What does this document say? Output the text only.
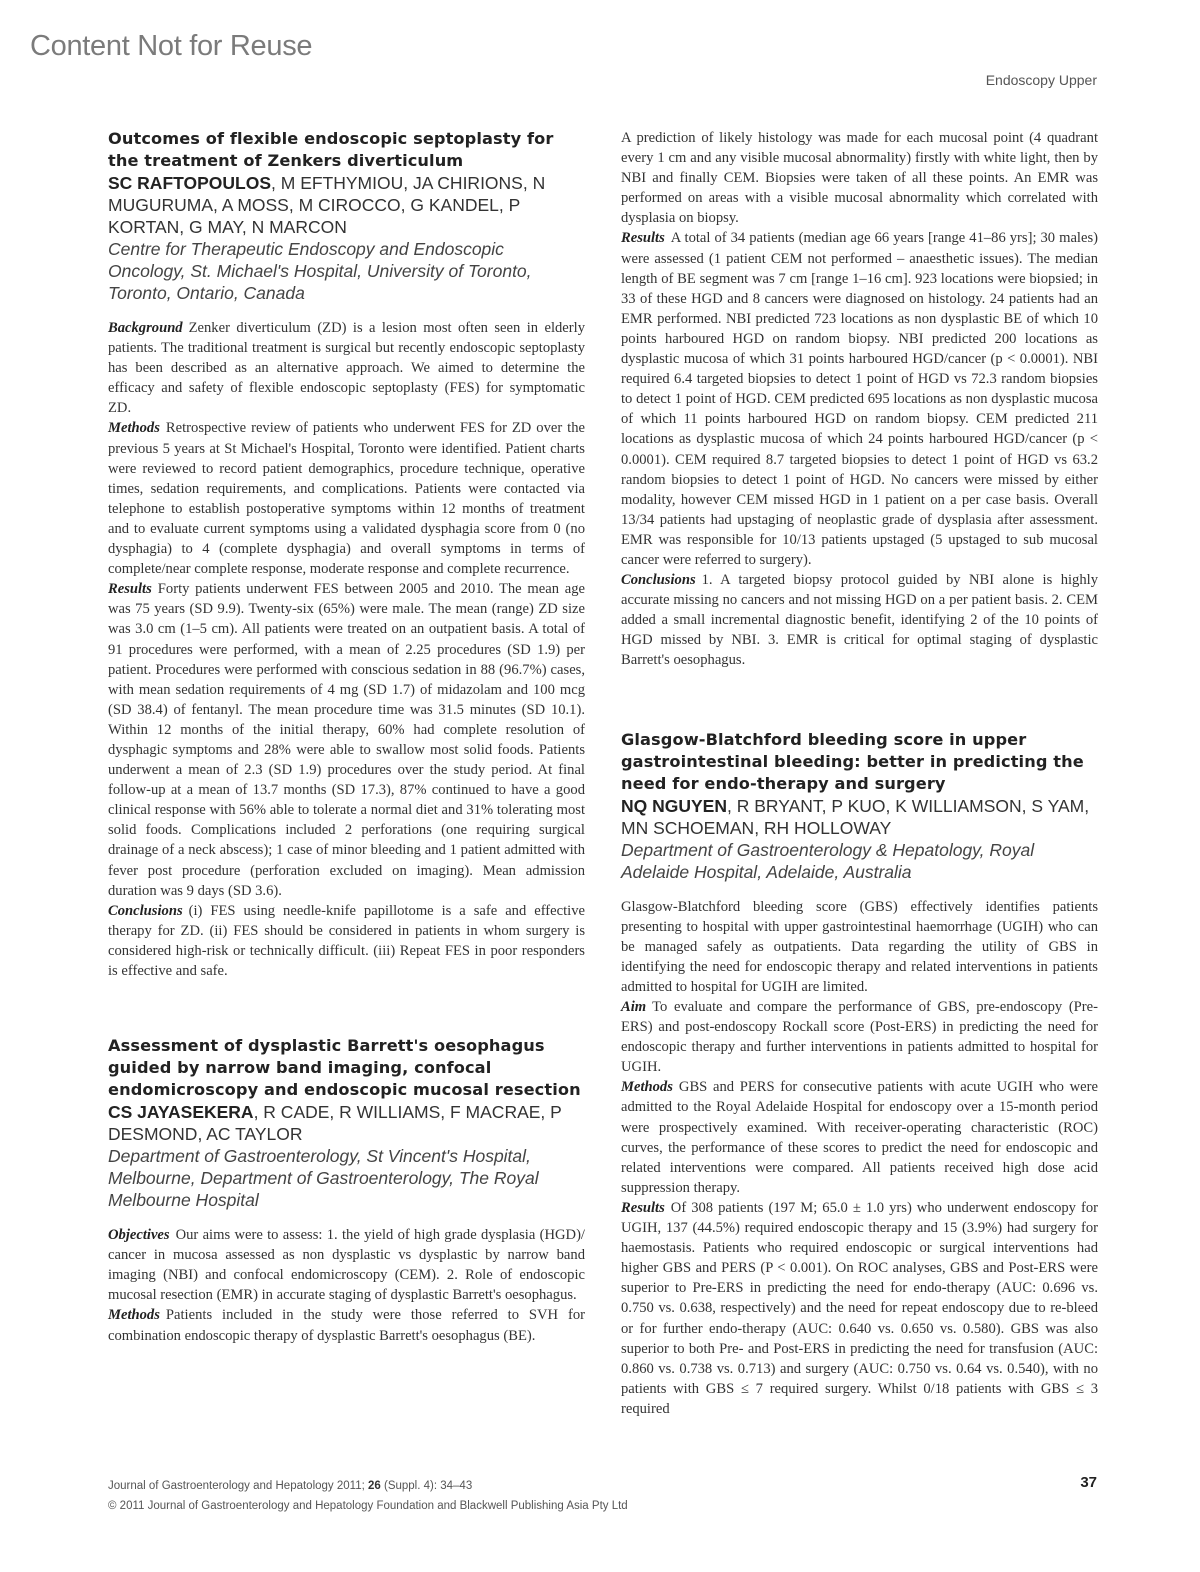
Content Not for Reuse
Endoscopy Upper
Outcomes of flexible endoscopic septoplasty for the treatment of Zenkers diverticulum

SC RAFTOPOULOS, M EFTHYMIOU, JA CHIRIONS, N MUGURUMA, A MOSS, M CIROCCO, G KANDEL, P KORTAN, G MAY, N MARCON

Centre for Therapeutic Endoscopy and Endoscopic Oncology, St. Michael's Hospital, University of Toronto, Toronto, Ontario, Canada

Background Zenker diverticulum (ZD) is a lesion most often seen in elderly patients. The traditional treatment is surgical but recently endoscopic septoplasty has been described as an alternative approach. We aimed to determine the efficacy and safety of flexible endoscopic septoplasty (FES) for symptomatic ZD.

Methods Retrospective review of patients who underwent FES for ZD over the previous 5 years at St Michael's Hospital, Toronto were identified. Patient charts were reviewed to record patient demographics, procedure technique, operative times, sedation requirements, and complications. Patients were contacted via telephone to establish postoperative symptoms within 12 months of treatment and to evaluate current symptoms using a validated dysphagia score from 0 (no dysphagia) to 4 (complete dysphagia) and overall symptoms in terms of complete/near complete response, moderate response and complete recurrence.

Results Forty patients underwent FES between 2005 and 2010. The mean age was 75 years (SD 9.9). Twenty-six (65%) were male. The mean (range) ZD size was 3.0 cm (1–5 cm). All patients were treated on an outpatient basis. A total of 91 procedures were performed, with a mean of 2.25 procedures (SD 1.9) per patient. Procedures were performed with conscious sedation in 88 (96.7%) cases, with mean sedation requirements of 4 mg (SD 1.7) of midazolam and 100 mcg (SD 38.4) of fentanyl. The mean procedure time was 31.5 minutes (SD 10.1). Within 12 months of the initial therapy, 60% had complete resolution of dysphagic symptoms and 28% were able to swallow most solid foods. Patients underwent a mean of 2.3 (SD 1.9) procedures over the study period. At final follow-up at a mean of 13.7 months (SD 17.3), 87% continued to have a good clinical response with 56% able to tolerate a normal diet and 31% tolerating most solid foods. Complications included 2 perforations (one requiring surgical drainage of a neck abscess); 1 case of minor bleeding and 1 patient admitted with fever post procedure (perforation excluded on imaging). Mean admission duration was 9 days (SD 3.6).

Conclusions (i) FES using needle-knife papillotome is a safe and effective therapy for ZD. (ii) FES should be considered in patients in whom surgery is considered high-risk or technically difficult. (iii) Repeat FES in poor responders is effective and safe.

Assessment of dysplastic Barrett's oesophagus guided by narrow band imaging, confocal endomicroscopy and endoscopic mucosal resection

CS JAYASEKERA, R CADE, R WILLIAMS, F MACRAE, P DESMOND, AC TAYLOR

Department of Gastroenterology, St Vincent's Hospital, Melbourne, Department of Gastroenterology, The Royal Melbourne Hospital

Objectives Our aims were to assess: 1. the yield of high grade dysplasia (HGD)/ cancer in mucosa assessed as non dysplastic vs dysplastic by narrow band imaging (NBI) and confocal endomicroscopy (CEM). 2. Role of endoscopic mucosal resection (EMR) in accurate staging of dysplastic Barrett's oesophagus.

Methods Patients included in the study were those referred to SVH for combination endoscopic therapy of dysplastic Barrett's oesophagus (BE).

A prediction of likely histology was made for each mucosal point (4 quadrant every 1 cm and any visible mucosal abnormality) firstly with white light, then by NBI and finally CEM. Biopsies were taken of all these points. An EMR was performed on areas with a visible mucosal abnormality which correlated with dysplasia on biopsy.

Results A total of 34 patients (median age 66 years [range 41–86 yrs]; 30 males) were assessed (1 patient CEM not performed – anaesthetic issues). The median length of BE segment was 7 cm [range 1–16 cm]. 923 locations were biopsied; in 33 of these HGD and 8 cancers were diagnosed on histology. 24 patients had an EMR performed. NBI predicted 723 locations as non dysplastic BE of which 10 points harboured HGD on random biopsy. NBI predicted 200 locations as dysplastic mucosa of which 31 points harboured HGD/cancer (p < 0.0001). NBI required 6.4 targeted biopsies to detect 1 point of HGD vs 72.3 random biopsies to detect 1 point of HGD. CEM predicted 695 locations as non dysplastic mucosa of which 11 points harboured HGD on random biopsy. CEM predicted 211 locations as dysplastic mucosa of which 24 points harboured HGD/cancer (p < 0.0001). CEM required 8.7 targeted biopsies to detect 1 point of HGD vs 63.2 random biopsies to detect 1 point of HGD. No cancers were missed by either modality, however CEM missed HGD in 1 patient on a per case basis. Overall 13/34 patients had upstaging of neoplastic grade of dysplasia after assessment. EMR was responsible for 10/13 patients upstaged (5 upstaged to sub mucosal cancer were referred to surgery).

Conclusions 1. A targeted biopsy protocol guided by NBI alone is highly accurate missing no cancers and not missing HGD on a per patient basis. 2. CEM added a small incremental diagnostic benefit, identifying 2 of the 10 points of HGD missed by NBI. 3. EMR is critical for optimal staging of dysplastic Barrett's oesophagus.

Glasgow-Blatchford bleeding score in upper gastrointestinal bleeding: better in predicting the need for endo-therapy and surgery

NQ NGUYEN, R BRYANT, P KUO, K WILLIAMSON, S YAM, MN SCHOEMAN, RH HOLLOWAY

Department of Gastroenterology & Hepatology, Royal Adelaide Hospital, Adelaide, Australia

Glasgow-Blatchford bleeding score (GBS) effectively identifies patients presenting to hospital with upper gastrointestinal haemorrhage (UGIH) who can be managed safely as outpatients. Data regarding the utility of GBS in identifying the need for endoscopic therapy and related interventions in patients admitted to hospital for UGIH are limited.

Aim To evaluate and compare the performance of GBS, pre-endoscopy (Pre-ERS) and post-endoscopy Rockall score (Post-ERS) in predicting the need for endoscopic therapy and further interventions in patients admitted to hospital for UGIH.

Methods GBS and PERS for consecutive patients with acute UGIH who were admitted to the Royal Adelaide Hospital for endoscopy over a 15-month period were prospectively examined. With receiver-operating characteristic (ROC) curves, the performance of these scores to predict the need for endoscopic and related interventions were compared. All patients received high dose acid suppression therapy.

Results Of 308 patients (197 M; 65.0 ± 1.0 yrs) who underwent endoscopy for UGIH, 137 (44.5%) required endoscopic therapy and 15 (3.9%) had surgery for haemostasis. Patients who required endoscopic or surgical interventions had higher GBS and PERS (P < 0.001). On ROC analyses, GBS and Post-ERS were superior to Pre-ERS in predicting the need for endo-therapy (AUC: 0.696 vs. 0.750 vs. 0.638, respectively) and the need for repeat endoscopy due to re-bleed or for further endo-therapy (AUC: 0.640 vs. 0.650 vs. 0.580). GBS was also superior to both Pre- and Post-ERS in predicting the need for transfusion (AUC: 0.860 vs. 0.738 vs. 0.713) and surgery (AUC: 0.750 vs. 0.64 vs. 0.540), with no patients with GBS ≤ 7 required surgery. Whilst 0/18 patients with GBS ≤ 3 required

Journal of Gastroenterology and Hepatology 2011; 26 (Suppl. 4): 34–43
© 2011 Journal of Gastroenterology and Hepatology Foundation and Blackwell Publishing Asia Pty Ltd
37
